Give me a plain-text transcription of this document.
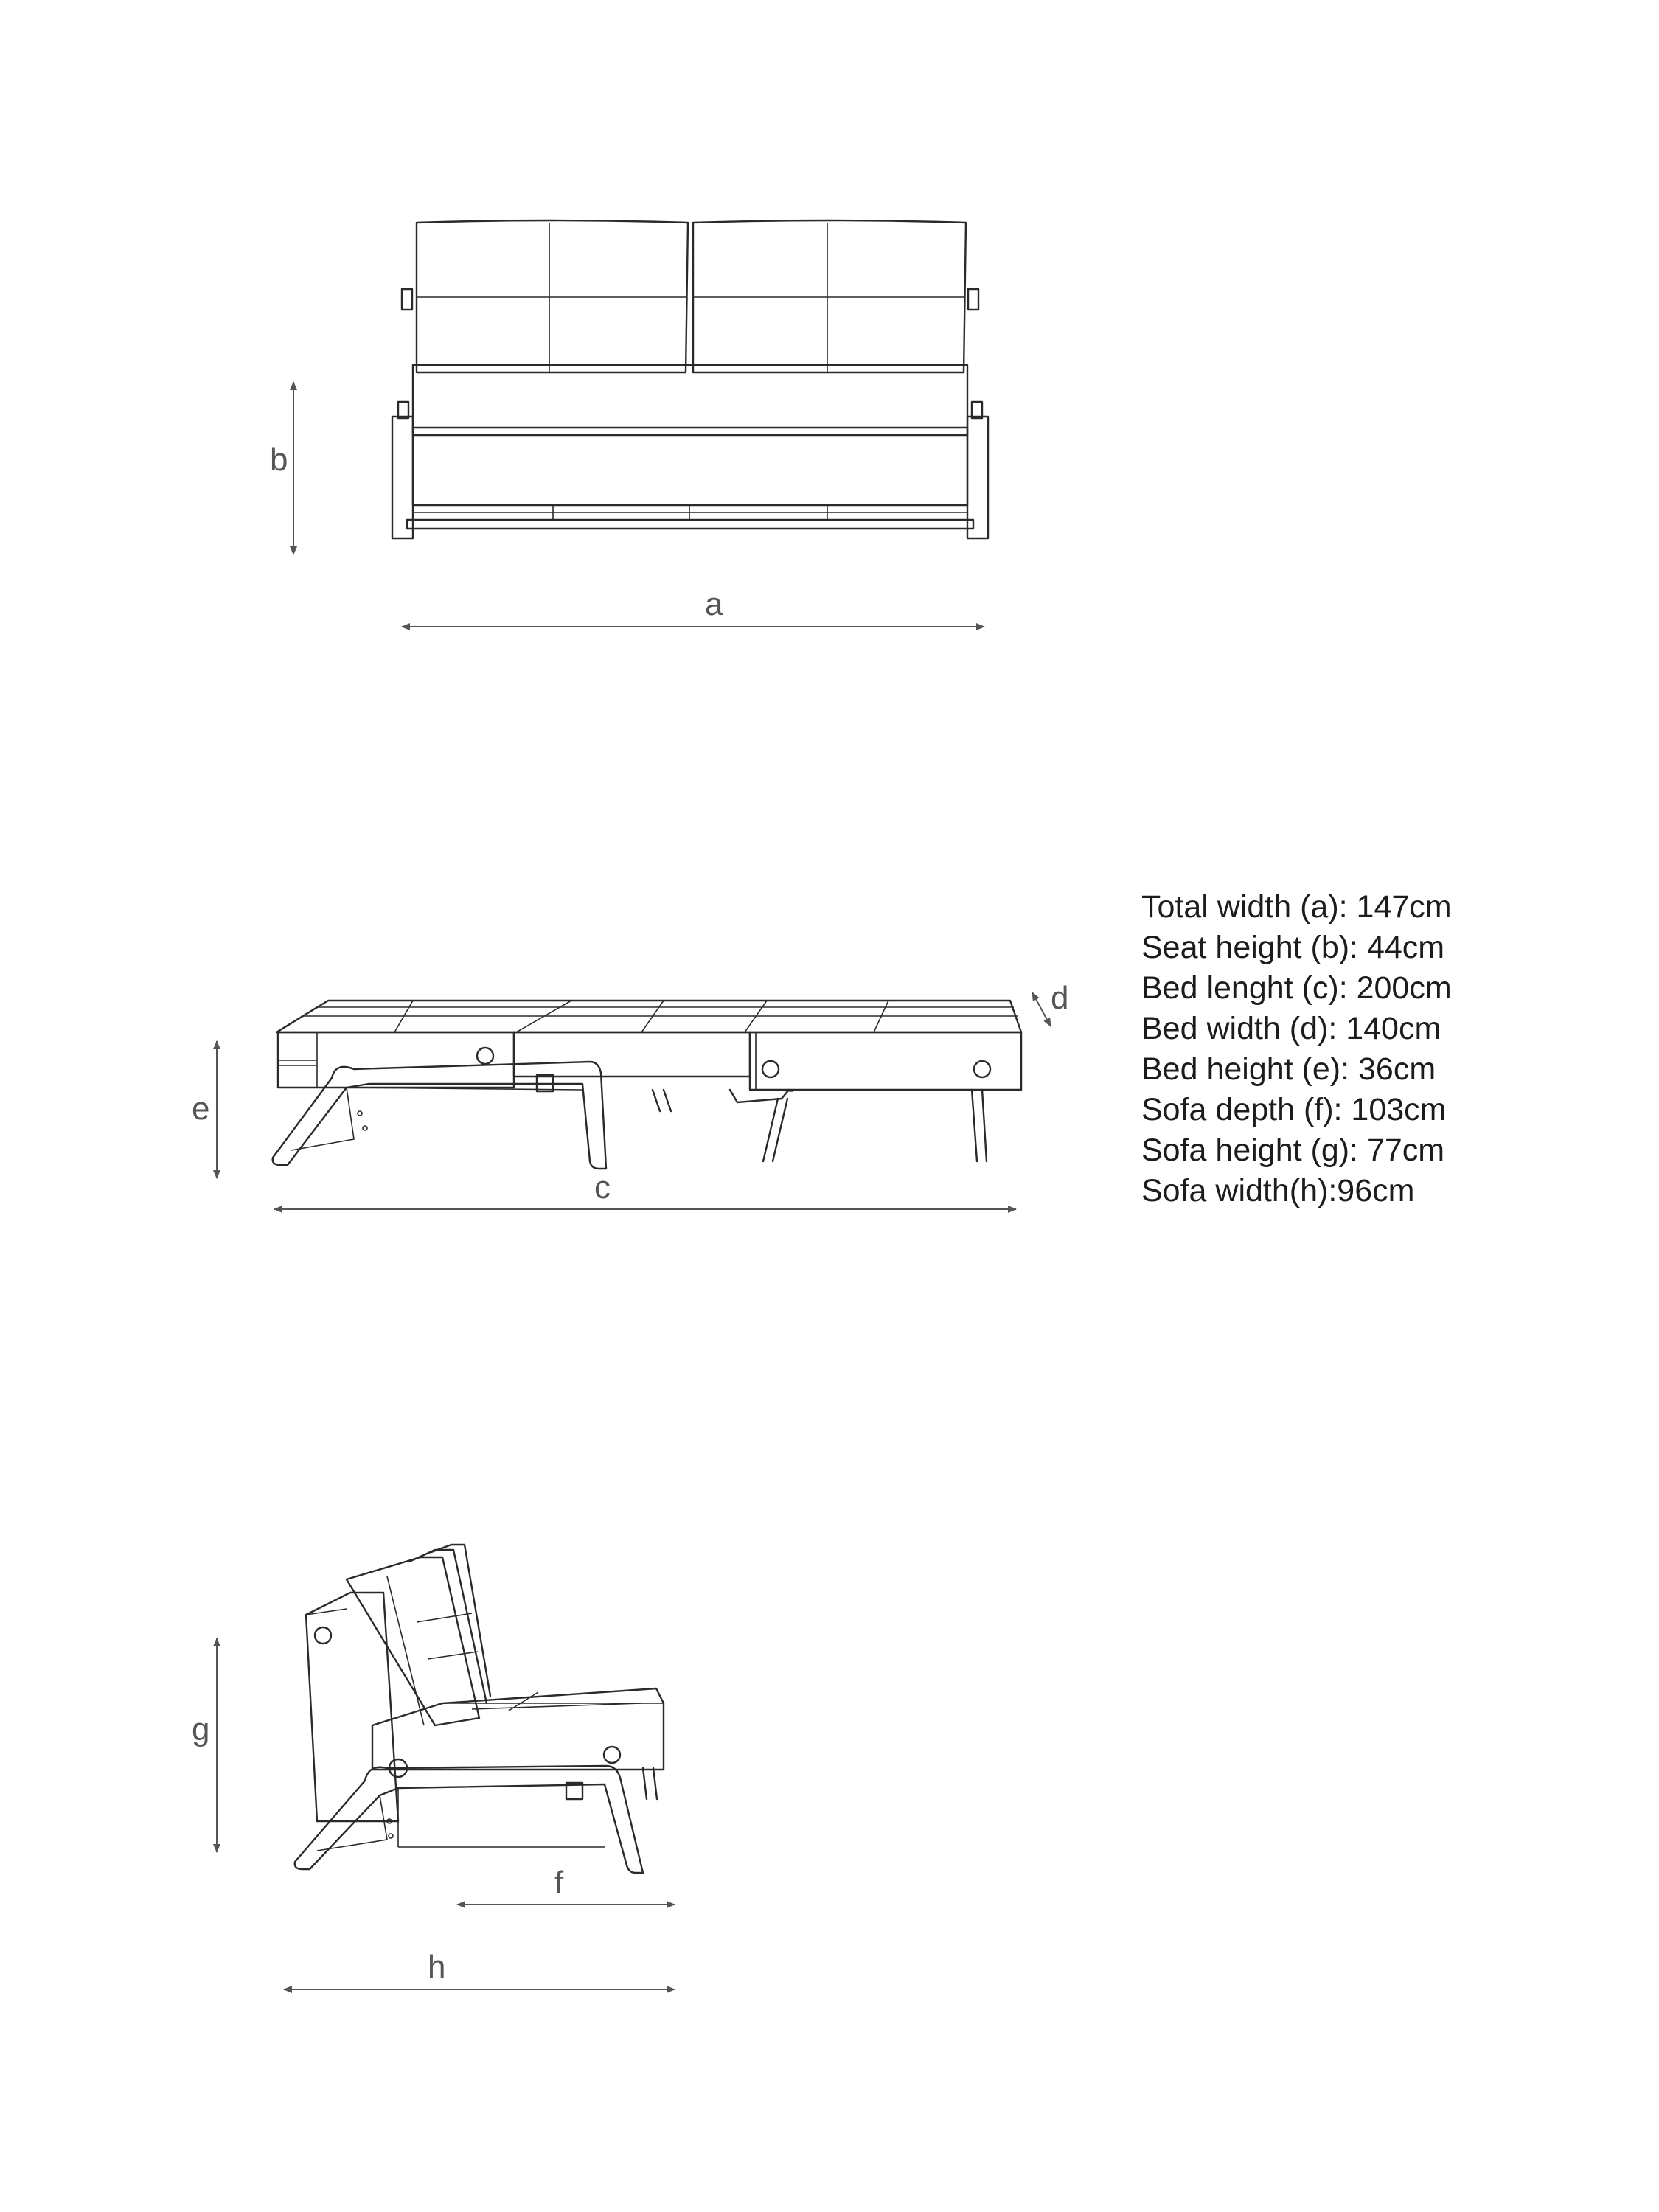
b
a
e
c
d
g
f
h
Total width (a): 147cm
Seat height (b): 44cm
Bed lenght (c): 200cm
Bed width (d): 140cm
Bed height (e): 36cm
Sofa depth (f): 103cm
Sofa height (g): 77cm
Sofa width(h):96cm
